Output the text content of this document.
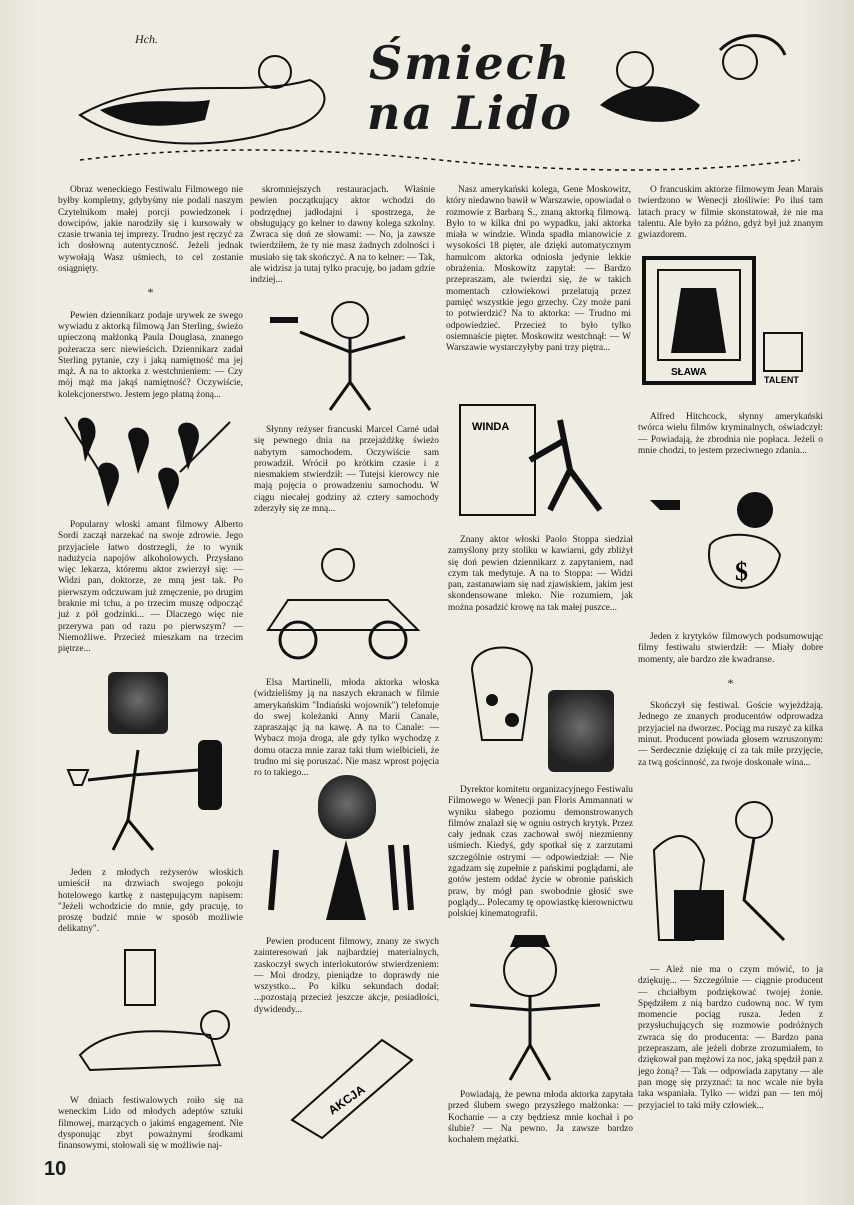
Hch.	Śmiech
na Lido

Obraz weneckiego Festiwalu Filmowego nie byłby kompletny, gdybyśmy nie podali naszym Czytelnikom małej porcji powiedzonek i dowcipów, jakie narodziły się i kursowały w czasie trwania tej imprezy. Trudno jest ręczyć za ich dosłowną autentyczność. Jeżeli jednak wywołają Wasz uśmiech, to cel zostanie osiągnięty.

*

Pewien dziennikarz podaje urywek ze swego wywiadu z aktorką filmową Jan Sterling, świeżo upieczoną małżonką Paula Douglasa, znanego pożeracza serc niewieścich. Dziennikarz zadał Sterling pytanie, czy i jaką namiętność ma jej mąż. A na to aktorka z westchnieniem: — Czy mój mąż ma jakąś namiętność? Oczywiście, kolekcjonerstwo. Jestem jego płatną żoną...

Popularny włoski amant filmowy Alberto Sordi zaczął narzekać na swoje zdrowie. Jego przyjaciele łatwo dostrzegli, że to wynik nadużycia napojów alkoholowych. Przysłano więc lekarza, któremu aktor zwierzył się: — Widzi pan, doktorze, ze mną jest tak. Po pierwszym odczuwam już zmęczenie, po drugim braknie mi tchu, a po trzecim muszę odpocząć już z pół godzinki... — Dlaczego więc nie przerywa pan od razu po pierwszym? — Niemożliwe. Przecież mieszkam na trzecim piętrze...

Jeden z młodych reżyserów włoskich umieścił na drzwiach swojego pokoju hotelowego kartkę z następującym napisem: "Jeżeli wchodzicie do mnie, gdy pracuję, to proszę budzić mnie w sposób możliwie delikatny".

W dniach festiwalowych roiło się na weneckim Lido od młodych adeptów sztuki filmowej, marzących o jakimś engagement. Nie dysponując zbyt poważnymi środkami finansowymi, stołowali się w możliwie naj-

skromniejszych restauracjach. Właśnie pewien początkujący aktor wchodzi do podrzędnej jadłodajni i spostrzega, że obsługujący go kelner to dawny kolega szkolny. Zwraca się doń ze słowami: — No, ja zawsze twierdziłem, że ty nie masz żadnych zdolności i musiało się tak skończyć. A na to kelner: — Tak, ale widzisz ja tutaj tylko pracuję, bo jadam gdzie indziej...

Słynny reżyser francuski Marcel Carné udał się pewnego dnia na przejażdżkę świeżo nabytym samochodem. Oczywiście sam prowadził. Wrócił po krótkim czasie i z niesmakiem stwierdził: — Tutejsi kierowcy nie mają pojęcia o prowadzeniu samochodu. W ciągu niecałej godziny aż cztery samochody zderzyły się ze mną...

Elsa Martinelli, młoda aktorka włoska (widzieliśmy ją na naszych ekranach w filmie amerykańskim "Indiański wojownik") telefonuje do swej koleżanki Anny Marii Canale, zapraszając ją na kawę. A na to Canale: — Wybacz moja droga, ale gdy tylko wychodzę z domu otacza mnie zaraz taki tłum wielbicieli, że trudno mi się poruszać. Nie masz wprost pojęcia ro to takiego...

Pewien producent filmowy, znany ze swych zainteresowań jak najbardziej materialnych, zaskoczył swych interlokutorów stwierdzeniem: — Moi drodzy, pieniądze to doprawdy nie wszystko... Po kilku sekundach dodał: ...pozostają przecież jeszcze akcje, posiadłości, dywidendy...

AKCJA

Nasz amerykański kolega, Gene Moskowitz, który niedawno bawił w Warszawie, opowiadał o rozmowie z Barbarą S., znaną aktorką filmową. Było to w kilka dni po wypadku, jaki aktorka miała w windzie. Winda spadła mianowicie z wysokości 18 pięter, ale dzięki automatycznym hamulcom aktorka odniosła jedynie lekkie obrażenia. Moskowitz zapytał: — Bardzo przepraszam, ale twierdzi się, że w takich momentach człowiekowi przelatują przez pamięć wszystkie jego grzechy. Czy może pani to potwierdzić? Na to aktorka: — Trudno mi odpowiedzieć. Przecież to było tylko osiemnaście pięter. Moskowitz westchnął: — W Warszawie wystarczyłyby pani trzy piętra...

WINDA

Znany aktor włoski Paolo Stoppa siedział zamyślony przy stoliku w kawiarni, gdy zbliżył się doń pewien dziennikarz z zapytaniem, nad czym tak medytuje. A na to Stoppa: — Widzi pan, zastanawiam się nad zjawiskiem, jakim jest skondensowane mleko. Nie rozumiem, jak można posadzić krowę na tak małej puszce...

Dyrektor komitetu organizacyjnego Festiwalu Filmowego w Wenecji pan Floris Ammannati w wyniku słabego poziomu demonstrowanych filmów znalazł się w ogniu ostrych krytyk. Przez cały jednak czas zachował swój niezmienny uśmiech. Kiedyś, gdy spotkał się z zarzutami szczególnie ostrymi — odpowiedział: — Nie zgadzam się zupełnie z pańskimi poglądami, ale gotów jestem oddać życie w obronie pańskich praw, by mógł pan swobodnie głosić swe poglądy... Polecamy tę opowiastkę kierownictwu polskiej kinematografii.

Powiadają, że pewna młoda aktorka zapytała przed ślubem swego przyszłego małżonka: — Kochanie — a czy będziesz mnie kochał i po ślubie? — Na pewno. Ja zawsze bardzo kochałem mężatki.

O francuskim aktorze filmowym Jean Marais twierdzono w Wenecji złośliwie: Po iluś tam latach pracy w filmie skonstatował, że nie ma talentu. Ale było za późno, gdyż był już znanym gwiazdorem.

SŁAWA
TALENT

Alfred Hitchcock, słynny amerykański twórca wielu filmów kryminalnych, oświadczył: — Powiadają, że zbrodnia nie popłaca. Jeżeli o mnie chodzi, to jestem przeciwnego zdania...

$

Jeden z krytyków filmowych podsumowując filmy festiwalu stwierdził: — Miały dobre momenty, ale bardzo złe kwadranse.

*

Skończył się festiwal. Goście wyjeżdżają. Jednego ze znanych producentów odprowadza przyjaciel na dworzec. Pociąg ma ruszyć za kilka minut. Producent powiada głosem wzruszonym: — Serdecznie dziękuję ci za tak miłe przyjęcie, za twą gościnność, za twoje doskonałe wina...

— Ależ nie ma o czym mówić, to ja dziękuję... — Szczególnie — ciągnie producent — chciałbym podziękować twojej żonie. Spędziłem z nią bardzo cudowną noc. W tym momencie pociąg rusza. Jeden z przysłuchujących się rozmowie podróżnych zwraca się do producenta: — Bardzo pana przepraszam, ale jeżeli dobrze zrozumiałem, to dziękował pan mężowi za noc, jaką spędził pan z jego żoną? — Tak — odpowiada zapytany — ale pan mogę się przyznać: ta noc wcale nie była taka wspaniała. Tylko — widzi pan — ten mój przyjaciel to taki miły człowiek...

10
